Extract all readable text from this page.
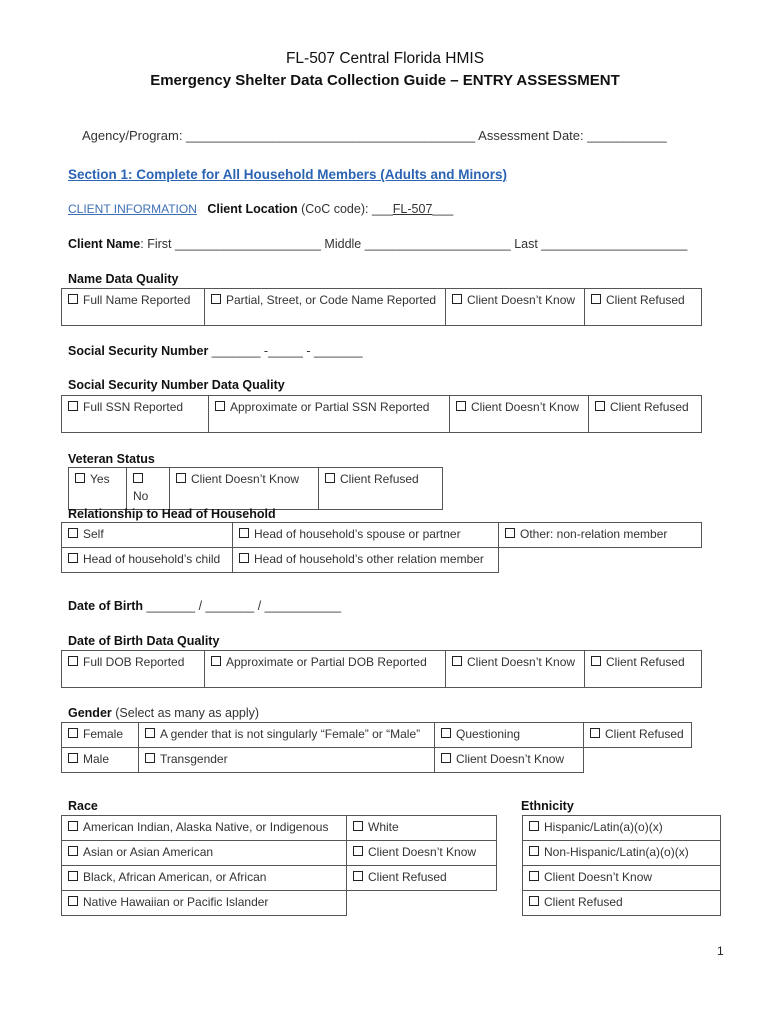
FL-507 Central Florida HMIS
Emergency Shelter Data Collection Guide – ENTRY ASSESSMENT
Agency/Program: ________________________________________ Assessment Date: ___________
Section 1: Complete for All Household Members (Adults and Minors)
CLIENT INFORMATION Client Location (CoC code): ___FL-507___
Client Name: First _____________________ Middle _____________________ Last _____________________
Name Data Quality
Full Name Reported	Partial, Street, or Code Name Reported	Client Doesn’t Know	Client Refused
Social Security Number _______ -_____ - _______
Social Security Number Data Quality
Full SSN Reported	Approximate or Partial SSN Reported	Client Doesn’t Know	Client Refused
Veteran Status
Yes	No	Client Doesn’t Know	Client Refused
Relationship to Head of Household
Self	Head of household’s spouse or partner	Other: non-relation member
Head of household’s child	Head of household’s other relation member	
Date of Birth _______ / _______ / ___________
Date of Birth Data Quality
Full DOB Reported	Approximate or Partial DOB Reported	Client Doesn’t Know	Client Refused
Gender (Select as many as apply)
Female	A gender that is not singularly “Female” or “Male”	Questioning	Client Refused
Male	Transgender	Client Doesn’t Know	
Race
American Indian, Alaska Native, or Indigenous	White
Asian or Asian American	Client Doesn’t Know
Black, African American, or African	Client Refused
Native Hawaiian or Pacific Islander	
Ethnicity
Hispanic/Latin(a)(o)(x)
Non-Hispanic/Latin(a)(o)(x)
Client Doesn’t Know
Client Refused
1
